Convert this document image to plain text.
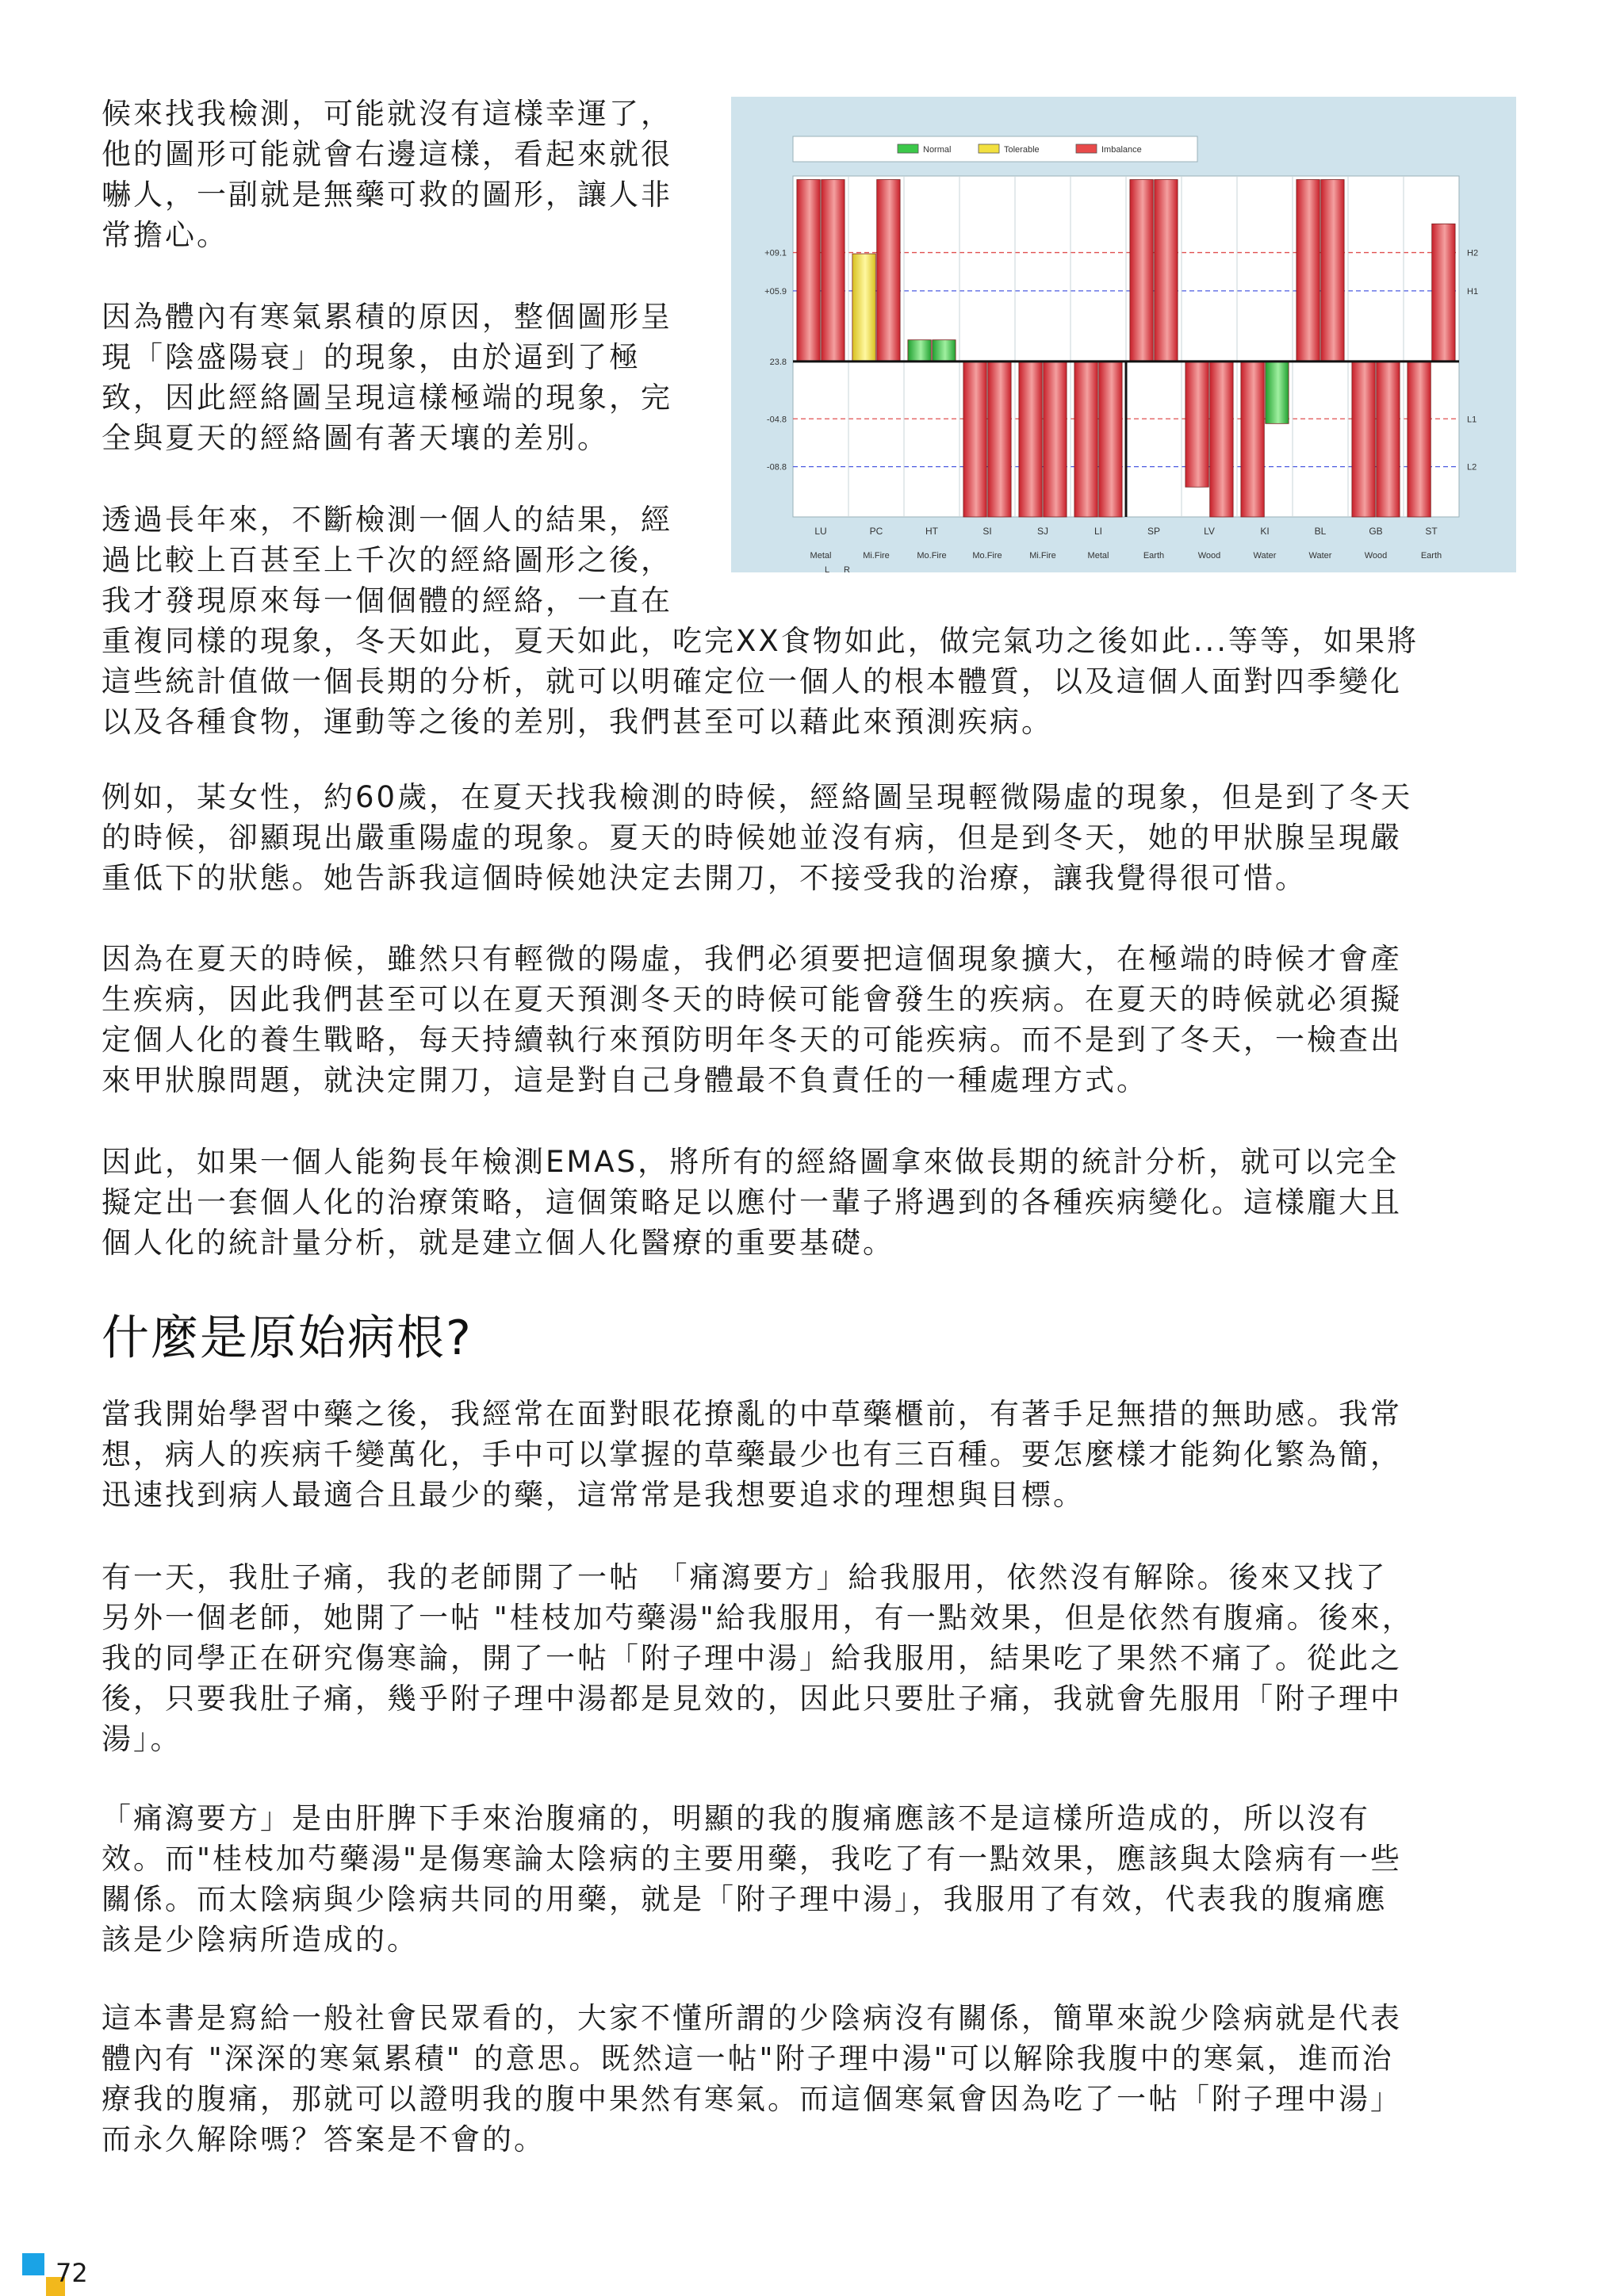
候來找我檢測，可能就沒有這樣幸運了，
他的圖形可能就會右邊這樣，看起來就很
嚇人，一副就是無藥可救的圖形，讓人非
常擔心。

因為體內有寒氣累積的原因，整個圖形呈
現「陰盛陽衰」的現象，由於逼到了極
致，因此經絡圖呈現這樣極端的現象，完
全與夏天的經絡圖有著天壤的差別。

透過長年來，不斷檢測一個人的結果，經
過比較上百甚至上千次的經絡圖形之後，
我才發現原來每一個個體的經絡，一直在
重複同樣的現象，冬天如此，夏天如此，吃完XX食物如此，做完氣功之後如此...等等，如果將
這些統計值做一個長期的分析，就可以明確定位一個人的根本體質，以及這個人面對四季變化
以及各種食物，運動等之後的差別，我們甚至可以藉此來預測疾病。

Normal	Tolerable	Imbalance
+09.1
+05.9
23.8
-04.8
-08.8
H2
H1
L1
L2
LU
Metal
PC
Mi.Fire
HT
Mo.Fire
SI
Mo.Fire
SJ
Mi.Fire
LI
Metal
SP
Earth
LV
Wood
KI
Water
BL
Water
GB
Wood
ST
Earth
L R

例如，某女性，約60歲，在夏天找我檢測的時候，經絡圖呈現輕微陽虛的現象，但是到了冬天
的時候，卻顯現出嚴重陽虛的現象。夏天的時候她並沒有病，但是到冬天，她的甲狀腺呈現嚴
重低下的狀態。她告訴我這個時候她決定去開刀，不接受我的治療，讓我覺得很可惜。

因為在夏天的時候，雖然只有輕微的陽虛，我們必須要把這個現象擴大，在極端的時候才會產
生疾病，因此我們甚至可以在夏天預測冬天的時候可能會發生的疾病。在夏天的時候就必須擬
定個人化的養生戰略，每天持續執行來預防明年冬天的可能疾病。而不是到了冬天，一檢查出
來甲狀腺問題，就決定開刀，這是對自己身體最不負責任的一種處理方式。

因此，如果一個人能夠長年檢測EMAS，將所有的經絡圖拿來做長期的統計分析，就可以完全
擬定出一套個人化的治療策略，這個策略足以應付一輩子將遇到的各種疾病變化。這樣龐大且
個人化的統計量分析，就是建立個人化醫療的重要基礎。

什麼是原始病根?

當我開始學習中藥之後，我經常在面對眼花撩亂的中草藥櫃前，有著手足無措的無助感。我常
想，病人的疾病千變萬化，手中可以掌握的草藥最少也有三百種。要怎麼樣才能夠化繁為簡，
迅速找到病人最適合且最少的藥，這常常是我想要追求的理想與目標。

有一天，我肚子痛，我的老師開了一帖　「痛瀉要方」給我服用，依然沒有解除。後來又找了
另外一個老師，她開了一帖 "桂枝加芍藥湯"給我服用，有一點效果，但是依然有腹痛。後來，
我的同學正在研究傷寒論，開了一帖「附子理中湯」給我服用，結果吃了果然不痛了。從此之
後，只要我肚子痛，幾乎附子理中湯都是見效的，因此只要肚子痛，我就會先服用「附子理中
湯」。

「痛瀉要方」是由肝脾下手來治腹痛的，明顯的我的腹痛應該不是這樣所造成的，所以沒有
效。而"桂枝加芍藥湯"是傷寒論太陰病的主要用藥，我吃了有一點效果，應該與太陰病有一些
關係。而太陰病與少陰病共同的用藥，就是「附子理中湯」，我服用了有效，代表我的腹痛應
該是少陰病所造成的。

這本書是寫給一般社會民眾看的，大家不懂所謂的少陰病沒有關係，簡單來說少陰病就是代表
體內有 "深深的寒氣累積" 的意思。既然這一帖"附子理中湯"可以解除我腹中的寒氣，進而治
療我的腹痛，那就可以證明我的腹中果然有寒氣。而這個寒氣會因為吃了一帖「附子理中湯」
而永久解除嗎？答案是不會的。

72
